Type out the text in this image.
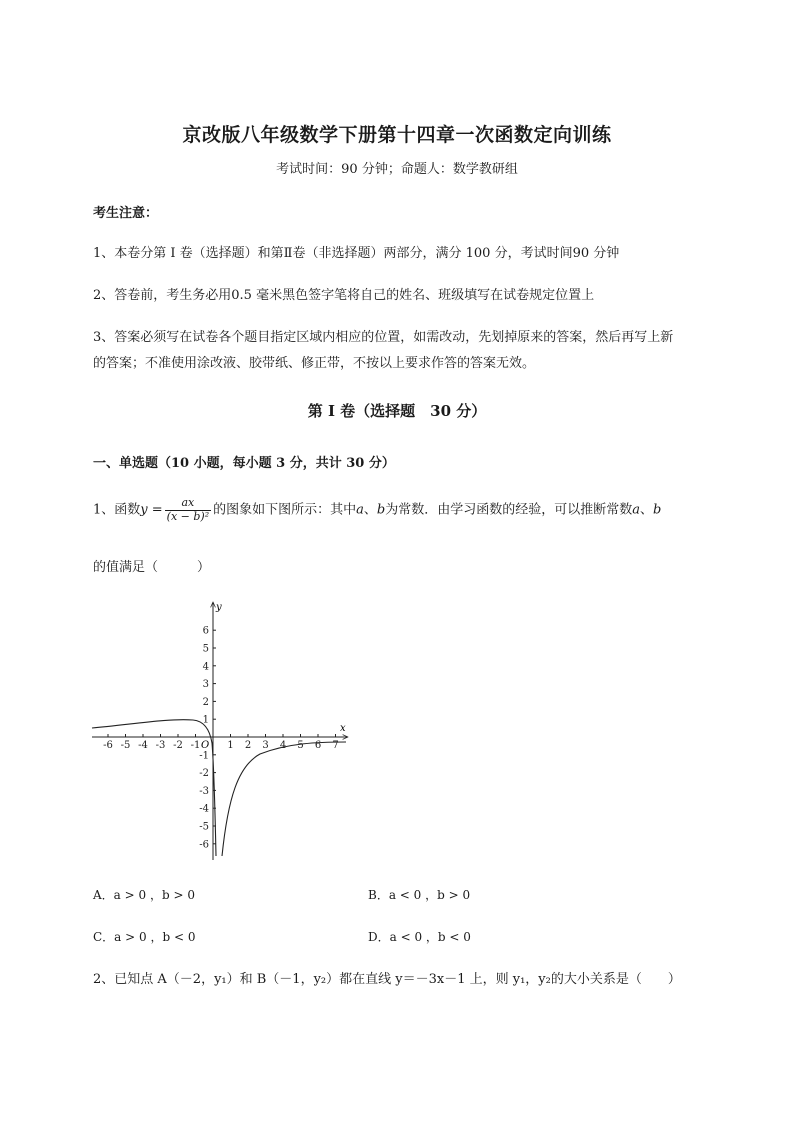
京改版八年级数学下册第十四章一次函数定向训练
考试时间：90 分钟；命题人：数学教研组
考生注意：
1、本卷分第 I 卷（选择题）和第Ⅱ卷（非选择题）两部分，满分 100 分，考试时间90 分钟
2、答卷前，考生务必用0.5 毫米黑色签字笔将自己的姓名、班级填写在试卷规定位置上
3、答案必须写在试卷各个题目指定区域内相应的位置，如需改动，先划掉原来的答案，然后再写上新
的答案；不准使用涂改液、胶带纸、修正带，不按以上要求作答的答案无效。
第 I 卷（选择题　30 分）
一、单选题（10 小题，每小题 3 分，共计 30 分）
1、函数$y = \frac{ax}{\text{(x − b)²}}$ 的图象如下图所示：其中a、b为常数．由学习函数的经验，可以推断常数a、b
的值满足（　　　）
-6 -5 -4 -3 -2 -1	1 2 3 4 5 6 7
6
5
4
3
2
1
-1
-2
-3
-4
-5
-6
x
y
O
A．a > 0 ，b > 0	B．a < 0 ，b > 0
C．a > 0 ，b < 0	D．a < 0 ，b < 0
2、已知点 A（－2，y₁）和 B（－1，y₂）都在直线 y＝－3x－1 上，则 y₁，y₂的大小关系是（　　）
